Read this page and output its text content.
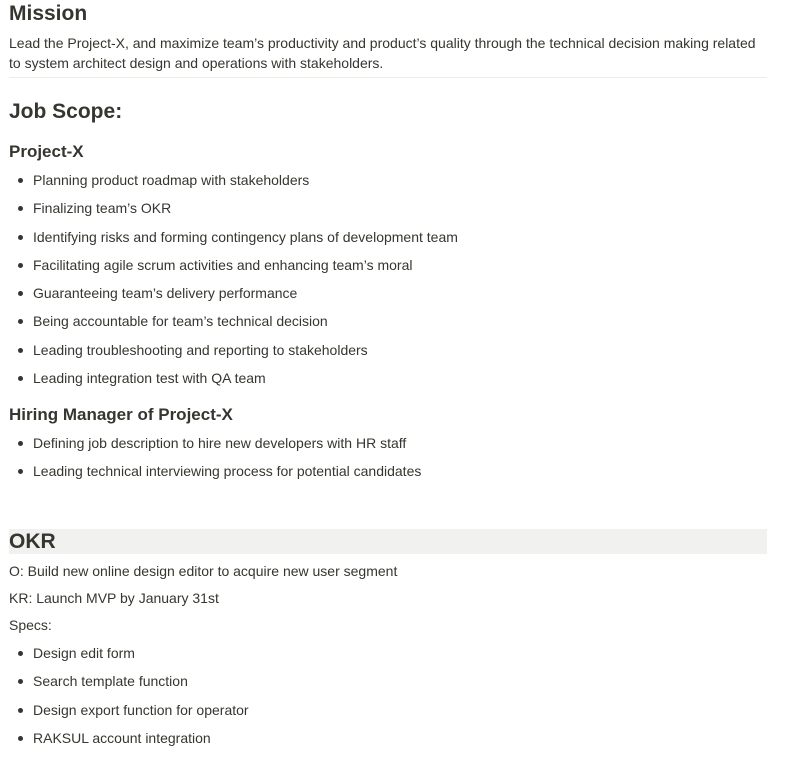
Mission

Lead the Project-X, and maximize team’s productivity and product’s quality through the technical decision making related to system architect design and operations with stakeholders.

Job Scope:
Project-X
Planning product roadmap with stakeholders
Finalizing team’s OKR
Identifying risks and forming contingency plans of development team
Facilitating agile scrum activities and enhancing team’s moral
Guaranteeing team’s delivery performance
Being accountable for team’s technical decision
Leading troubleshooting and reporting to stakeholders
Leading integration test with QA team
Hiring Manager of Project-X
Defining job description to hire new developers with HR staff
Leading technical interviewing process for potential candidates
OKR

O: Build new online design editor to acquire new user segment

KR: Launch MVP by January 31st

Specs:

Design edit form
Search template function
Design export function for operator
RAKSUL account integration
